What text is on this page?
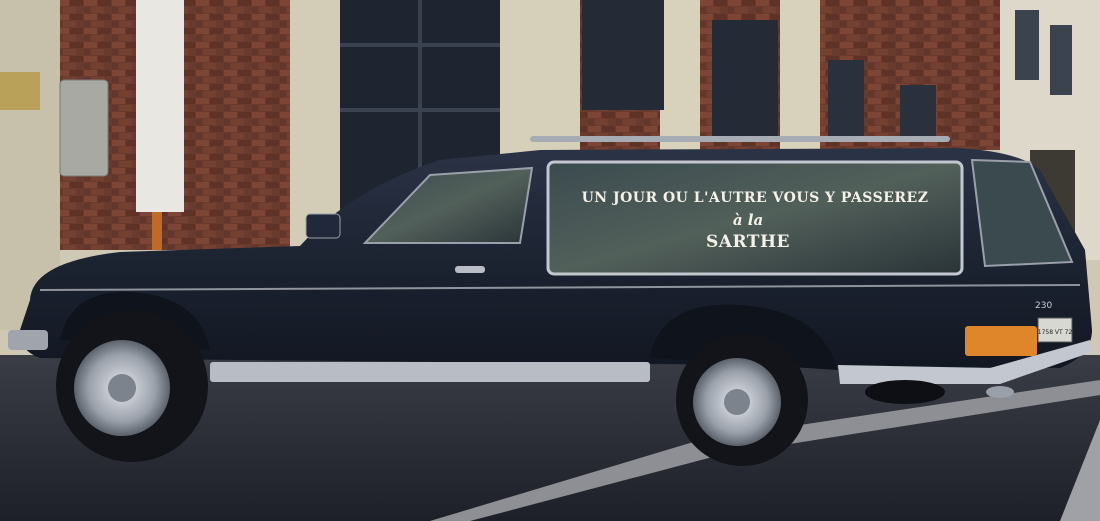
UN JOUR OU L'AUTRE VOUS Y PASSEREZ
à la
SARTHE
230
1758 VT 72
